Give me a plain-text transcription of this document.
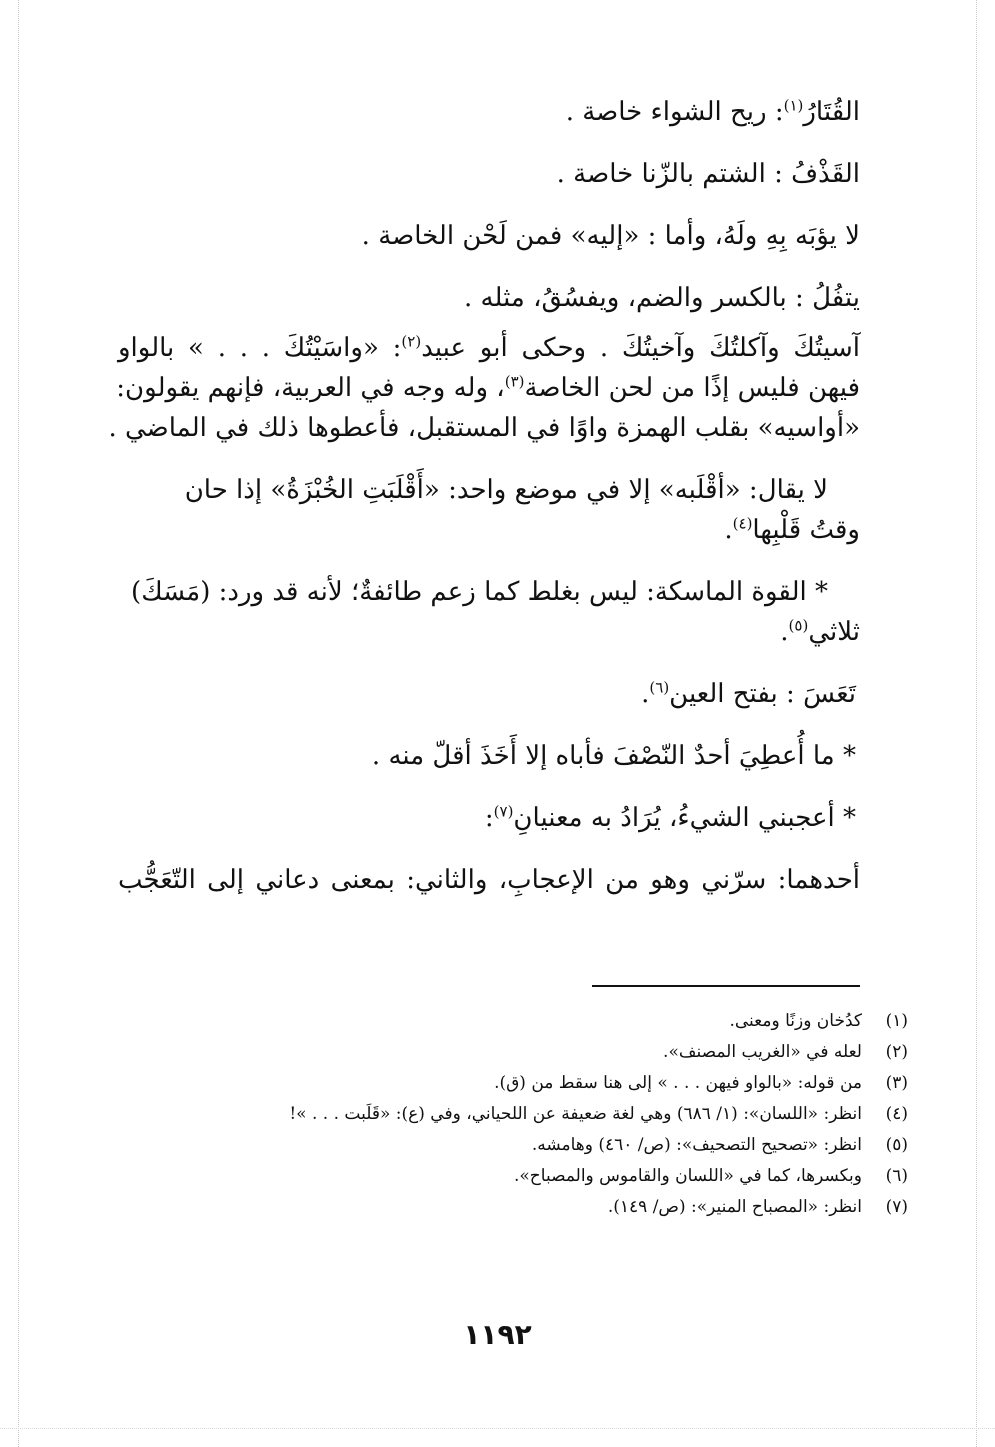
القُتَارُ$^{(١)}$: ريح الشواء خاصة .
القَذْفُ : الشتم بالزّنا خاصة .
لا يؤبَه بِهِ ولَهُ، وأما : «إليه» فمن لَحْن الخاصة .
يتفُلُ : بالكسر والضم، ويفسُقُ، مثله .
آسيتُكَ وآكلتُكَ وآخيتُكَ . وحكى أبو عبيد$^{(٢)}$: «واسَيْتُكَ . . . » بالواو
فيهن فليس إذًا من لحن الخاصة$^{(٣)}$، وله وجه في العربية، فإنهم يقولون:
«أواسيه» بقلب الهمزة واوًا في المستقبل، فأعطوها ذلك في الماضي .
لا يقال: «أقْلَبه» إلا في موضع واحد: «أَقْلَبَتِ الخُبْزَةُ» إذا حان
وقتُ قَلْبِها$^{(٤)}$.
* القوة الماسكة: ليس بغلط كما زعم طائفةٌ؛ لأنه قد ورد: (مَسَكَ)
ثلاثي$^{(٥)}$.
تَعَسَ : بفتح العين$^{(٦)}$.
* ما أُعطِيَ أحدٌ النّصْفَ فأباه إلا أَخَذَ أقلّ منه .
* أعجبني الشيءُ، يُرَادُ به معنيانِ$^{(٧)}$:
أحدهما: سرّني وهو من الإعجابِ، والثاني: بمعنى دعاني إلى التّعَجُّب
(١)
كدُخان وزنًا ومعنى.
(٢)
لعله في «الغريب المصنف».
(٣)
من قوله: «بالواو فيهن . . . » إلى هنا سقط من (ق).
(٤)
انظر: «اللسان»: (١/ ٦٨٦) وهي لغة ضعيفة عن اللحياني، وفي (ع): «قَلَبت . . . »!
(٥)
انظر: «تصحيح التصحيف»: (ص/ ٤٦٠) وهامشه.
(٦)
وبكسرها، كما في «اللسان والقاموس والمصباح».
(٧)
انظر: «المصباح المنير»: (ص/ ١٤٩).
١١٩٢
